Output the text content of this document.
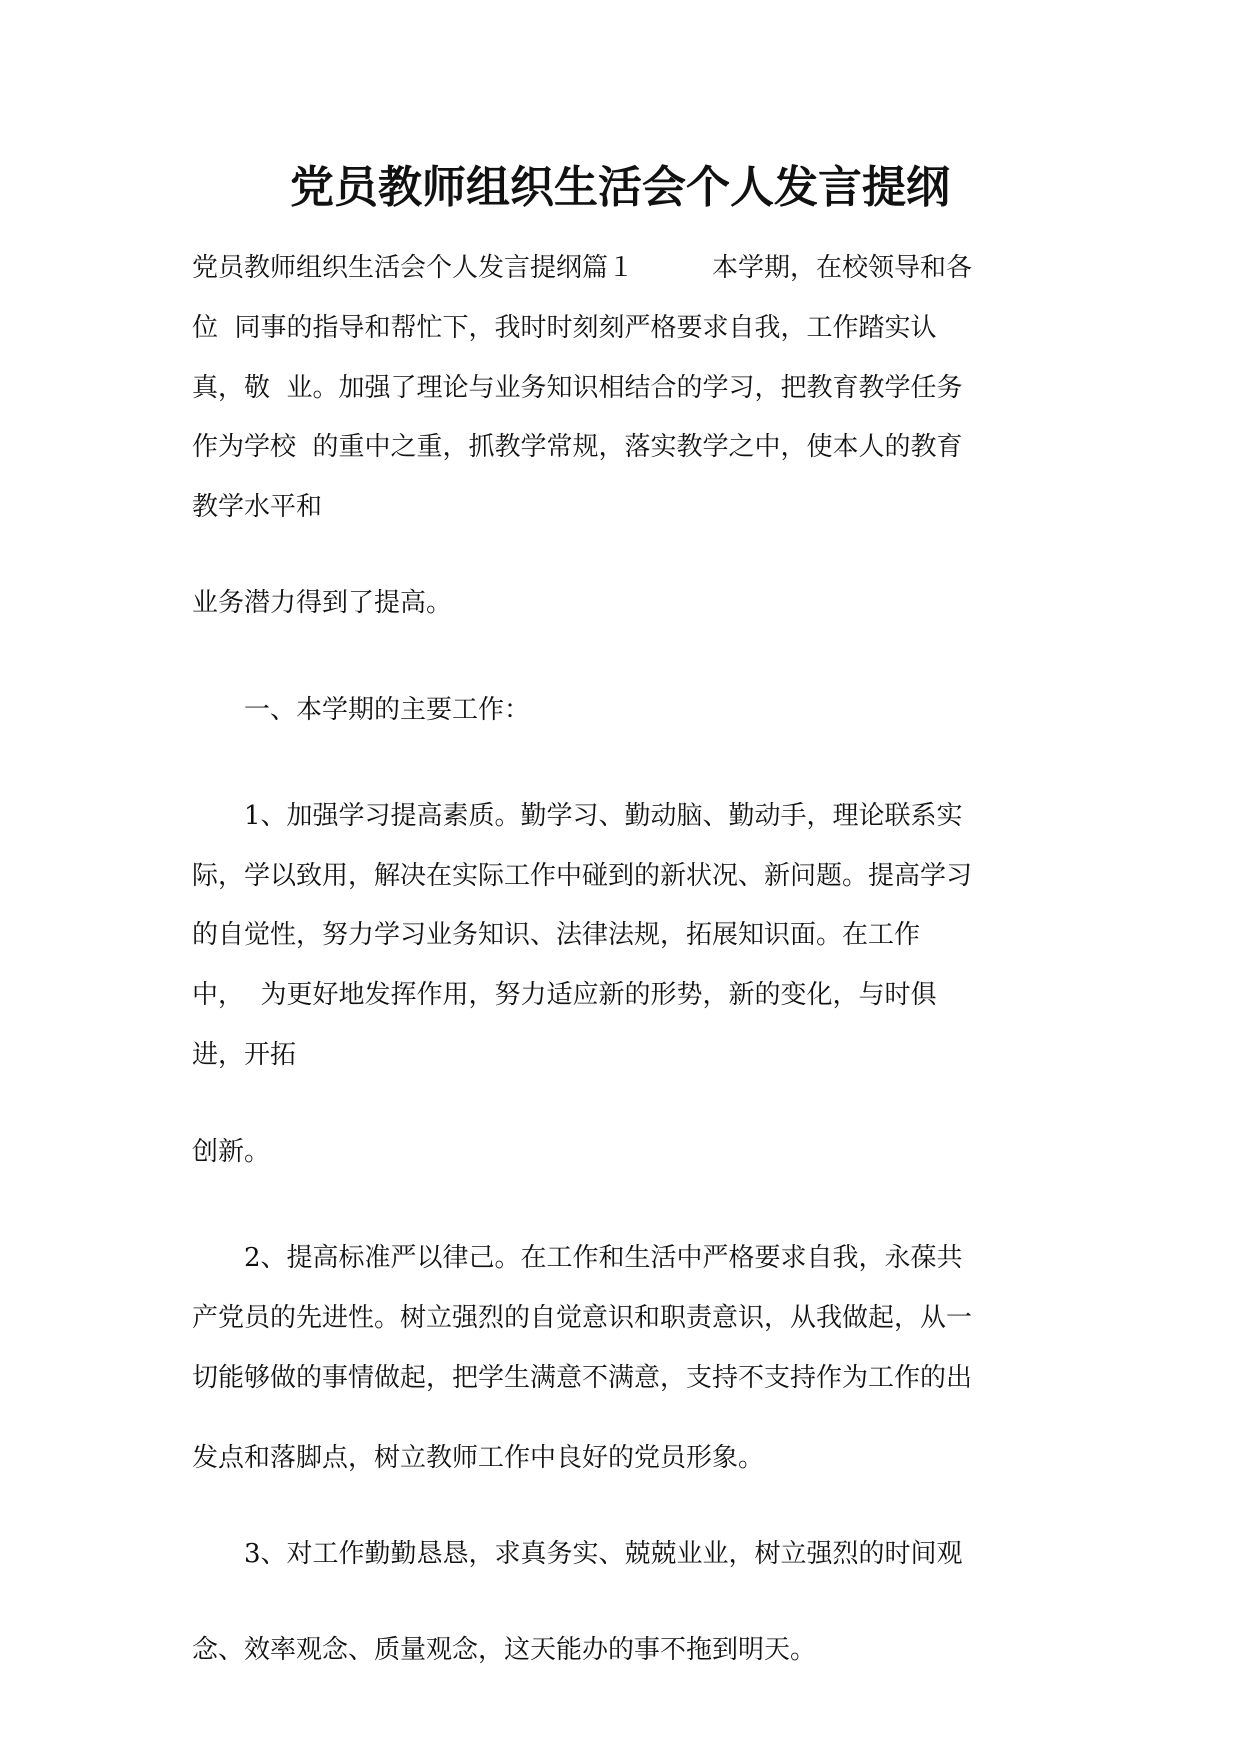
党员教师组织生活会个人发言提纲

党员教师组织生活会个人发言提纲篇１　　　本学期，在校领导和各

位  同事的指导和帮忙下，我时时刻刻严格要求自我，工作踏实认

真，敬  业。加强了理论与业务知识相结合的学习，把教育教学任务

作为学校  的重中之重，抓教学常规，落实教学之中，使本人的教育

教学水平和

业务潜力得到了提高。

　　一、本学期的主要工作：

　　1、加强学习提高素质。勤学习、勤动脑、勤动手，理论联系实

际，学以致用，解决在实际工作中碰到的新状况、新问题。提高学习

的自觉性，努力学习业务知识、法律法规，拓展知识面。在工作

中，  为更好地发挥作用，努力适应新的形势，新的变化，与时俱

进，开拓

创新。

　　2、提高标准严以律己。在工作和生活中严格要求自我，永葆共

产党员的先进性。树立强烈的自觉意识和职责意识，从我做起，从一

切能够做的事情做起，把学生满意不满意，支持不支持作为工作的出

发点和落脚点，树立教师工作中良好的党员形象。

　　3、对工作勤勤恳恳，求真务实、兢兢业业，树立强烈的时间观

念、效率观念、质量观念，这天能办的事不拖到明天。
